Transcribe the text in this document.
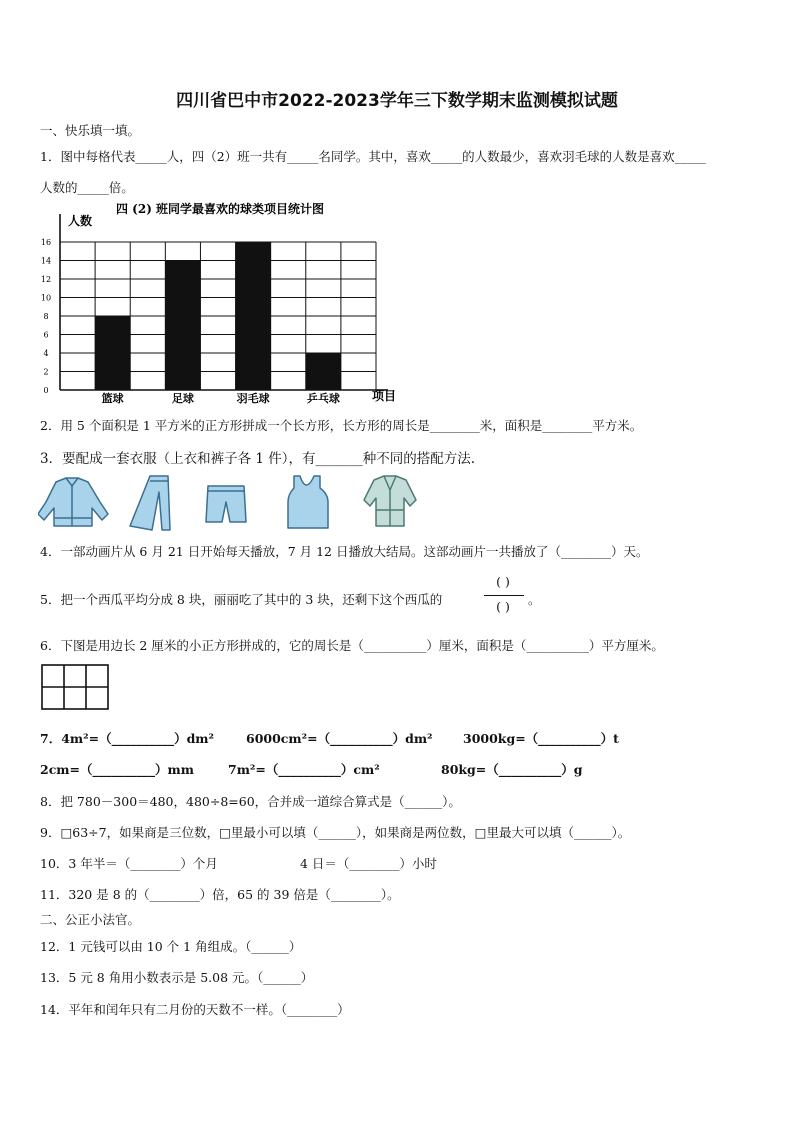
四川省巴中市2022-2023学年三下数学期末监测模拟试题
一、快乐填一填。
1．图中每格代表_____人，四（2）班一共有_____名同学。其中，喜欢_____的人数最少，喜欢羽毛球的人数是喜欢_____
人数的_____倍。
四 (2) 班同学最喜欢的球类项目统计图
人数
项目
0
2
4
6
8
10
12
14
16
篮球	足球	羽毛球	乒乓球
2．用 5 个面积是 1 平方米的正方形拼成一个长方形，长方形的周长是________米，面积是________平方米。
3．要配成一套衣服（上衣和裤子各 1 件），有_______种不同的搭配方法.
4．一部动画片从 6 月 21 日开始每天播放，7 月 12 日播放大结局。这部动画片一共播放了（________）天。
5．把一个西瓜平均分成 8 块，丽丽吃了其中的 3 块，还剩下这个西瓜的
( )
( )	。
6．下图是用边长 2 厘米的小正方形拼成的，它的周长是（__________）厘米，面积是（__________）平方厘米。
7．4m²=（__________）dm²	6000cm²=（__________）dm² 3000kg=（__________）t
2cm=（__________）mm	7m²=（__________）cm²	80kg=（__________）g
8．把 780－300＝480，480÷8=60，合并成一道综合算式是（______）。
9．□63÷7，如果商是三位数，□里最小可以填（______），如果商是两位数，□里最大可以填（______）。
10．3 年半＝（________）个月	4 日＝（________）小时
11．320 是 8 的（________）倍，65 的 39 倍是（________）。
二、公正小法官。
12．1 元钱可以由 10 个 1 角组成。（______）
13．5 元 8 角用小数表示是 5.08 元。（______）
14．平年和闰年只有二月份的天数不一样。（________）
